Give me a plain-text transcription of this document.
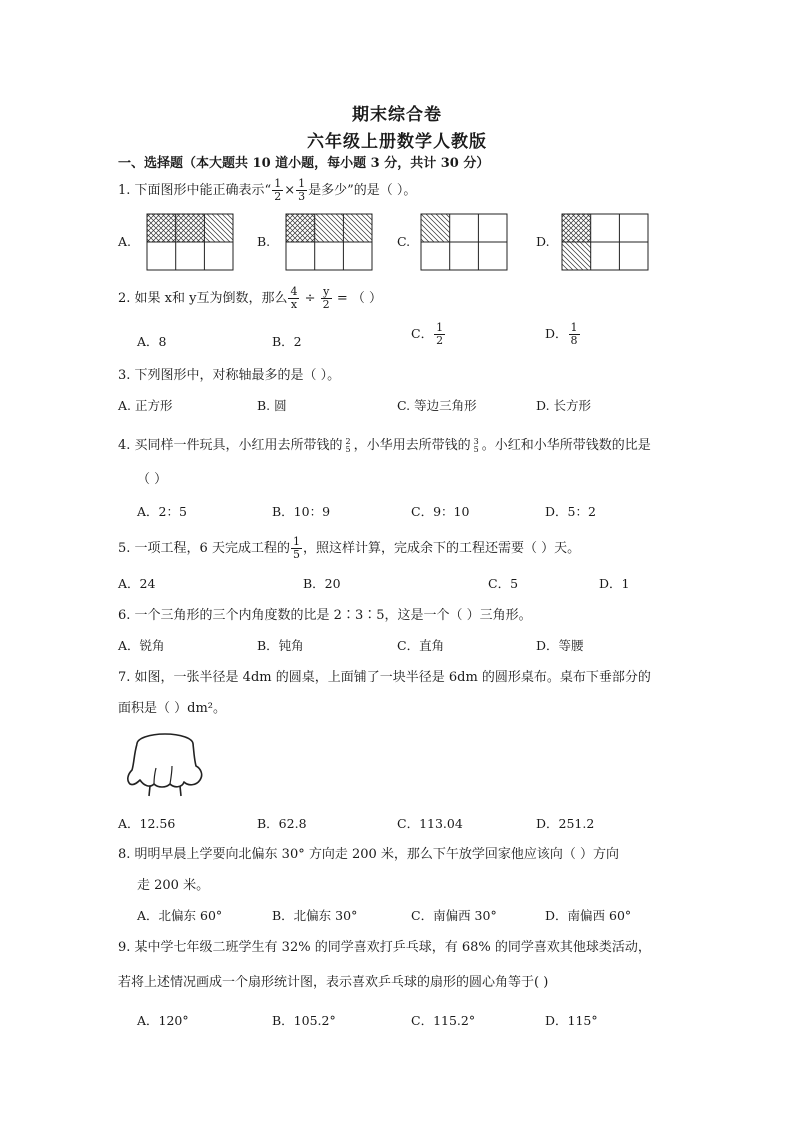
期末综合卷
六年级上册数学人教版
一、选择题（本大题共 10 道小题，每小题 3 分，共计 30 分）
1. 下面图形中能正确表示“ $\frac{1}{2} \times \frac{1}{3}$ 是多少”的是（ ）。
A.	B.	C.	D.
2. 如果 x和 y互为倒数，那么 $\frac{4}{x} \div \frac{y}{2}$ = （ ）
A．8	B．2
C． $\frac{1}{2}$	D． $\frac{1}{8}$
3. 下列图形中，对称轴最多的是（ ）。
A. 正方形	B. 圆	C. 等边三角形	D. 长方形
4. 买同样一件玩具，小红用去所带钱的 2
5 ，小华用去所带钱的 3
5 。小红和小华所带钱数的比是
（ ）
A．2：5	B．10：9	C．9：10	D．5：2
5. 一项工程，6 天完成工程的 $\frac{1}{5}$ ，照这样计算，完成余下的工程还需要（ ）天。
A．24	B．20	C．5	D．1
6. 一个三角形的三个内角度数的比是 2∶3∶5，这是一个（ ）三角形。
A．锐角	B．钝角	C．直角	D．等腰
7. 如图，一张半径是 4dm 的圆桌，上面铺了一块半径是 6dm 的圆形桌布。桌布下垂部分的
面积是（ ）dm²。
A．12.56	B．62.8	C．113.04	D．251.2
8. 明明早晨上学要向北偏东 30° 方向走 200 米，那么下午放学回家他应该向（ ）方向
走 200 米。
A．北偏东 60°	B．北偏东 30°	C．南偏西 30°	D．南偏西 60°
9. 某中学七年级二班学生有 32% 的同学喜欢打乒乓球，有 68% 的同学喜欢其他球类活动，
若将上述情况画成一个扇形统计图，表示喜欢乒乓球的扇形的圆心角等于( )
A．120°	B．105.2°	C．115.2°	D．115°
